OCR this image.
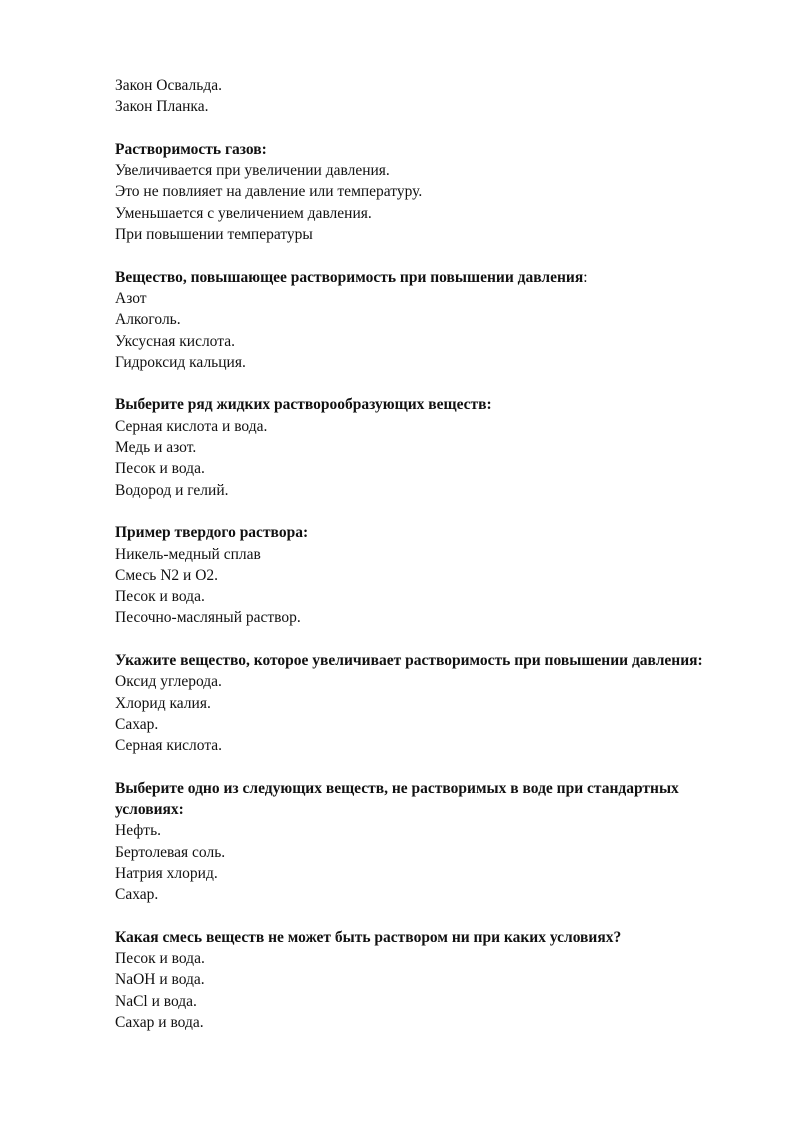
Закон Освальда.
Закон Планка.
Растворимость газов:
Увеличивается при увеличении давления.
Это не повлияет на давление или температуру.
Уменьшается с увеличением давления.
При повышении температуры
Вещество, повышающее растворимость при повышении давления:
Азот
Алкоголь.
Уксусная кислота.
Гидроксид кальция.
Выберите ряд жидких растворообразующих веществ:
Серная кислота и вода.
Медь и азот.
Песок и вода.
Водород и гелий.
Пример твердого раствора:
Никель-медный сплав
Смесь N2 и O2.
Песок и вода.
Песочно-масляный раствор.
Укажите вещество, которое увеличивает растворимость при повышении давления:
Оксид углерода.
Хлорид калия.
Сахар.
Серная кислота.
Выберите одно из следующих веществ, не растворимых в воде при стандартных условиях:
Нефть.
Бертолевая соль.
Натрия хлорид.
Сахар.
Какая смесь веществ не может быть раствором ни при каких условиях?
Песок и вода.
NaOH и вода.
NaCl и вода.
Сахар и вода.
